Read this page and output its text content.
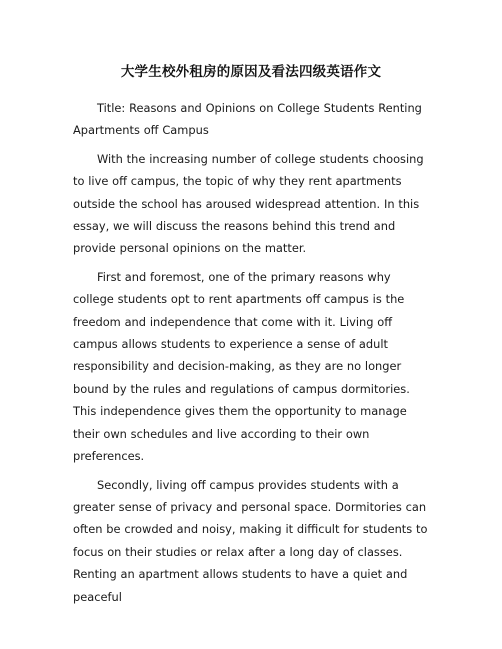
大学生校外租房的原因及看法四级英语作文

Title: Reasons and Opinions on College Students Renting Apartments off Campus

With the increasing number of college students choosing to live off campus, the topic of why they rent apartments outside the school has aroused widespread attention. In this essay, we will discuss the reasons behind this trend and provide personal opinions on the matter.

First and foremost, one of the primary reasons why college students opt to rent apartments off campus is the freedom and independence that come with it. Living off campus allows students to experience a sense of adult responsibility and decision-making, as they are no longer bound by the rules and regulations of campus dormitories. This independence gives them the opportunity to manage their own schedules and live according to their own preferences.

Secondly, living off campus provides students with a greater sense of privacy and personal space. Dormitories can often be crowded and noisy, making it difficult for students to focus on their studies or relax after a long day of classes. Renting an apartment allows students to have a quiet and peaceful
